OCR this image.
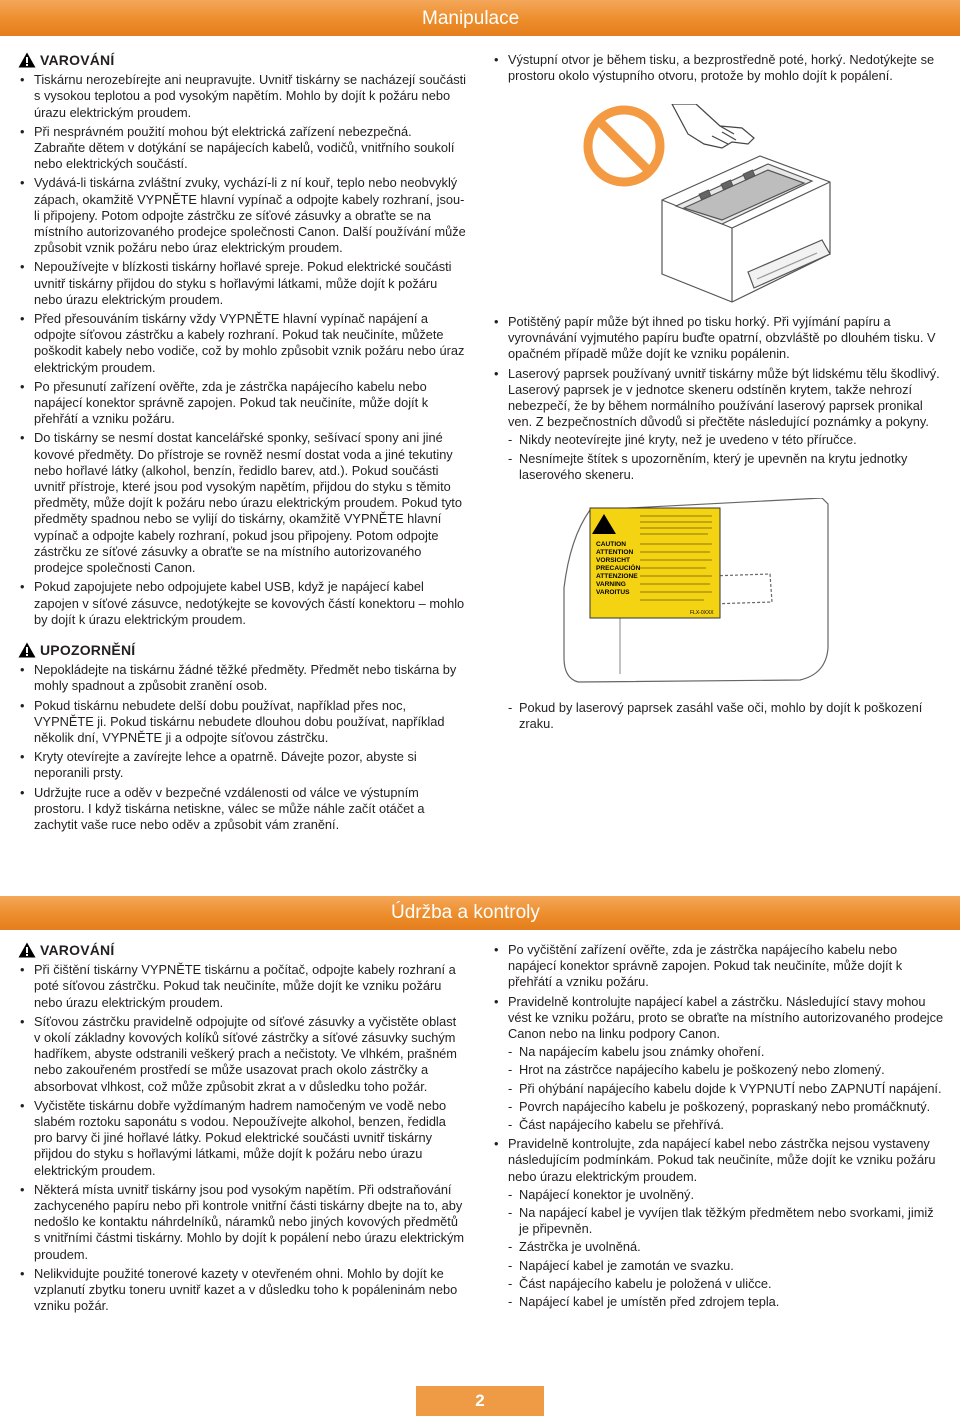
Manipulace
VAROVÁNÍ
• Tiskárnu nerozebírejte ani neupravujte. Uvnitř tiskárny se nacházejí součásti s vysokou teplotou a pod vysokým napětím. Mohlo by dojít k požáru nebo úrazu elektrickým proudem.
• Při nesprávném použití mohou být elektrická zařízení nebezpečná. Zabraňte dětem v dotýkání se napájecích kabelů, vodičů, vnitřního soukolí nebo elektrických součástí.
• Vydává-li tiskárna zvláštní zvuky, vychází-li z ní kouř, teplo nebo neobvyklý zápach, okamžitě VYPNĚTE hlavní vypínač a odpojte kabely rozhraní, jsou-li připojeny. Potom odpojte zástrčku ze síťové zásuvky a obraťte se na místního autorizovaného prodejce společnosti Canon. Další používání může způsobit vznik požáru nebo úraz elektrickým proudem.
• Nepoužívejte v blízkosti tiskárny hořlavé spreje. Pokud elektrické součásti uvnitř tiskárny přijdou do styku s hořlavými látkami, může dojít k požáru nebo úrazu elektrickým proudem.
• Před přesouváním tiskárny vždy VYPNĚTE hlavní vypínač napájení a odpojte síťovou zástrčku a kabely rozhraní. Pokud tak neučiníte, můžete poškodit kabely nebo vodiče, což by mohlo způsobit vznik požáru nebo úraz elektrickým proudem.
• Po přesunutí zařízení ověřte, zda je zástrčka napájecího kabelu nebo napájecí konektor správně zapojen. Pokud tak neučiníte, může dojít k přehřátí a vzniku požáru.
• Do tiskárny se nesmí dostat kancelářské sponky, sešívací spony ani jiné kovové předměty. Do přístroje se rovněž nesmí dostat voda a jiné tekutiny nebo hořlavé látky (alkohol, benzín, ředidlo barev, atd.). Pokud součásti uvnitř přístroje, které jsou pod vysokým napětím, přijdou do styku s těmito předměty, může dojít k požáru nebo úrazu elektrickým proudem. Pokud tyto předměty spadnou nebo se vylijí do tiskárny, okamžitě VYPNĚTE hlavní vypínač a odpojte kabely rozhraní, pokud jsou připojeny. Potom odpojte zástrčku ze síťové zásuvky a obraťte se na místního autorizovaného prodejce společnosti Canon.
• Pokud zapojujete nebo odpojujete kabel USB, když je napájecí kabel zapojen v síťové zásuvce, nedotýkejte se kovových částí konektoru – mohlo by dojít k úrazu elektrickým proudem.
UPOZORNĚNÍ
• Nepokládejte na tiskárnu žádné těžké předměty. Předmět nebo tiskárna by mohly spadnout a způsobit zranění osob.
• Pokud tiskárnu nebudete delší dobu používat, například přes noc, VYPNĚTE ji. Pokud tiskárnu nebudete dlouhou dobu používat, například několik dní, VYPNĚTE ji a odpojte síťovou zástrčku.
• Kryty otevírejte a zavírejte lehce a opatrně. Dávejte pozor, abyste si neporanili prsty.
• Udržujte ruce a oděv v bezpečné vzdálenosti od válce ve výstupním prostoru. I když tiskárna netiskne, válec se může náhle začít otáčet a zachytit vaše ruce nebo oděv a způsobit vám zranění.
• Výstupní otvor je během tisku, a bezprostředně poté, horký. Nedotýkejte se prostoru okolo výstupního otvoru, protože by mohlo dojít k popálení.
• Potištěný papír může být ihned po tisku horký. Při vyjímání papíru a vyrovnávání vyjmutého papíru buďte opatrní, obzvláště po dlouhém tisku. V opačném případě může dojít ke vzniku popálenin.
• Laserový paprsek používaný uvnitř tiskárny může být lidskému tělu škodlivý. Laserový paprsek je v jednotce skeneru odstíněn krytem, takže nehrozí nebezpečí, že by během normálního používání laserový paprsek pronikal ven. Z bezpečnostních důvodů si přečtěte následující poznámky a pokyny.
- Nikdy neotevírejte jiné kryty, než je uvedeno v této příručce.
- Nesnímejte štítek s upozorněním, který je upevněn na krytu jednotky laserového skeneru.
CAUTION
ATTENTION
VORSICHT
PRECAUCIÓN
ATTENZIONE
VARNING
VAROITUS
FLX-0XXX
- Pokud by laserový paprsek zasáhl vaše oči, mohlo by dojít k poškození zraku.
Údržba a kontroly
VAROVÁNÍ
• Při čištění tiskárny VYPNĚTE tiskárnu a počítač, odpojte kabely rozhraní a poté síťovou zástrčku. Pokud tak neučiníte, může dojít ke vzniku požáru nebo úrazu elektrickým proudem.
• Síťovou zástrčku pravidelně odpojujte od síťové zásuvky a vyčistěte oblast v okolí základny kovových kolíků síťové zástrčky a síťové zásuvky suchým hadříkem, abyste odstranili veškerý prach a nečistoty. Ve vlhkém, prašném nebo zakouřeném prostředí se může usazovat prach okolo zástrčky a absorbovat vlhkost, což může způsobit zkrat a v důsledku toho požár.
• Vyčistěte tiskárnu dobře vyždímaným hadrem namočeným ve vodě nebo slabém roztoku saponátu s vodou. Nepoužívejte alkohol, benzen, ředidla pro barvy či jiné hořlavé látky. Pokud elektrické součásti uvnitř tiskárny přijdou do styku s hořlavými látkami, může dojít k požáru nebo úrazu elektrickým proudem.
• Některá místa uvnitř tiskárny jsou pod vysokým napětím. Při odstraňování zachyceného papíru nebo při kontrole vnitřní části tiskárny dbejte na to, aby nedošlo ke kontaktu náhrdelníků, náramků nebo jiných kovových předmětů s vnitřními částmi tiskárny. Mohlo by dojít k popálení nebo úrazu elektrickým proudem.
• Nelikvidujte použité tonerové kazety v otevřeném ohni. Mohlo by dojít ke vzplanutí zbytku toneru uvnitř kazet a v důsledku toho k popáleninám nebo vzniku požár.
• Po vyčištění zařízení ověřte, zda je zástrčka napájecího kabelu nebo napájecí konektor správně zapojen. Pokud tak neučiníte, může dojít k přehřátí a vzniku požáru.
• Pravidelně kontrolujte napájecí kabel a zástrčku. Následující stavy mohou vést ke vzniku požáru, proto se obraťte na místního autorizovaného prodejce Canon nebo na linku podpory Canon.
- Na napájecím kabelu jsou známky ohoření.
- Hrot na zástrčce napájecího kabelu je poškozený nebo zlomený.
- Při ohýbání napájecího kabelu dojde k VYPNUTÍ nebo ZAPNUTÍ napájení.
- Povrch napájecího kabelu je poškozený, popraskaný nebo promáčknutý.
- Část napájecího kabelu se přehřívá.
• Pravidelně kontrolujte, zda napájecí kabel nebo zástrčka nejsou vystaveny následujícím podmínkám. Pokud tak neučiníte, může dojít ke vzniku požáru nebo úrazu elektrickým proudem.
- Napájecí konektor je uvolněný.
- Na napájecí kabel je vyvíjen tlak těžkým předmětem nebo svorkami, jimiž je připevněn.
- Zástrčka je uvolněná.
- Napájecí kabel je zamotán ve svazku.
- Část napájecího kabelu je položená v uličce.
- Napájecí kabel je umístěn před zdrojem tepla.
2
